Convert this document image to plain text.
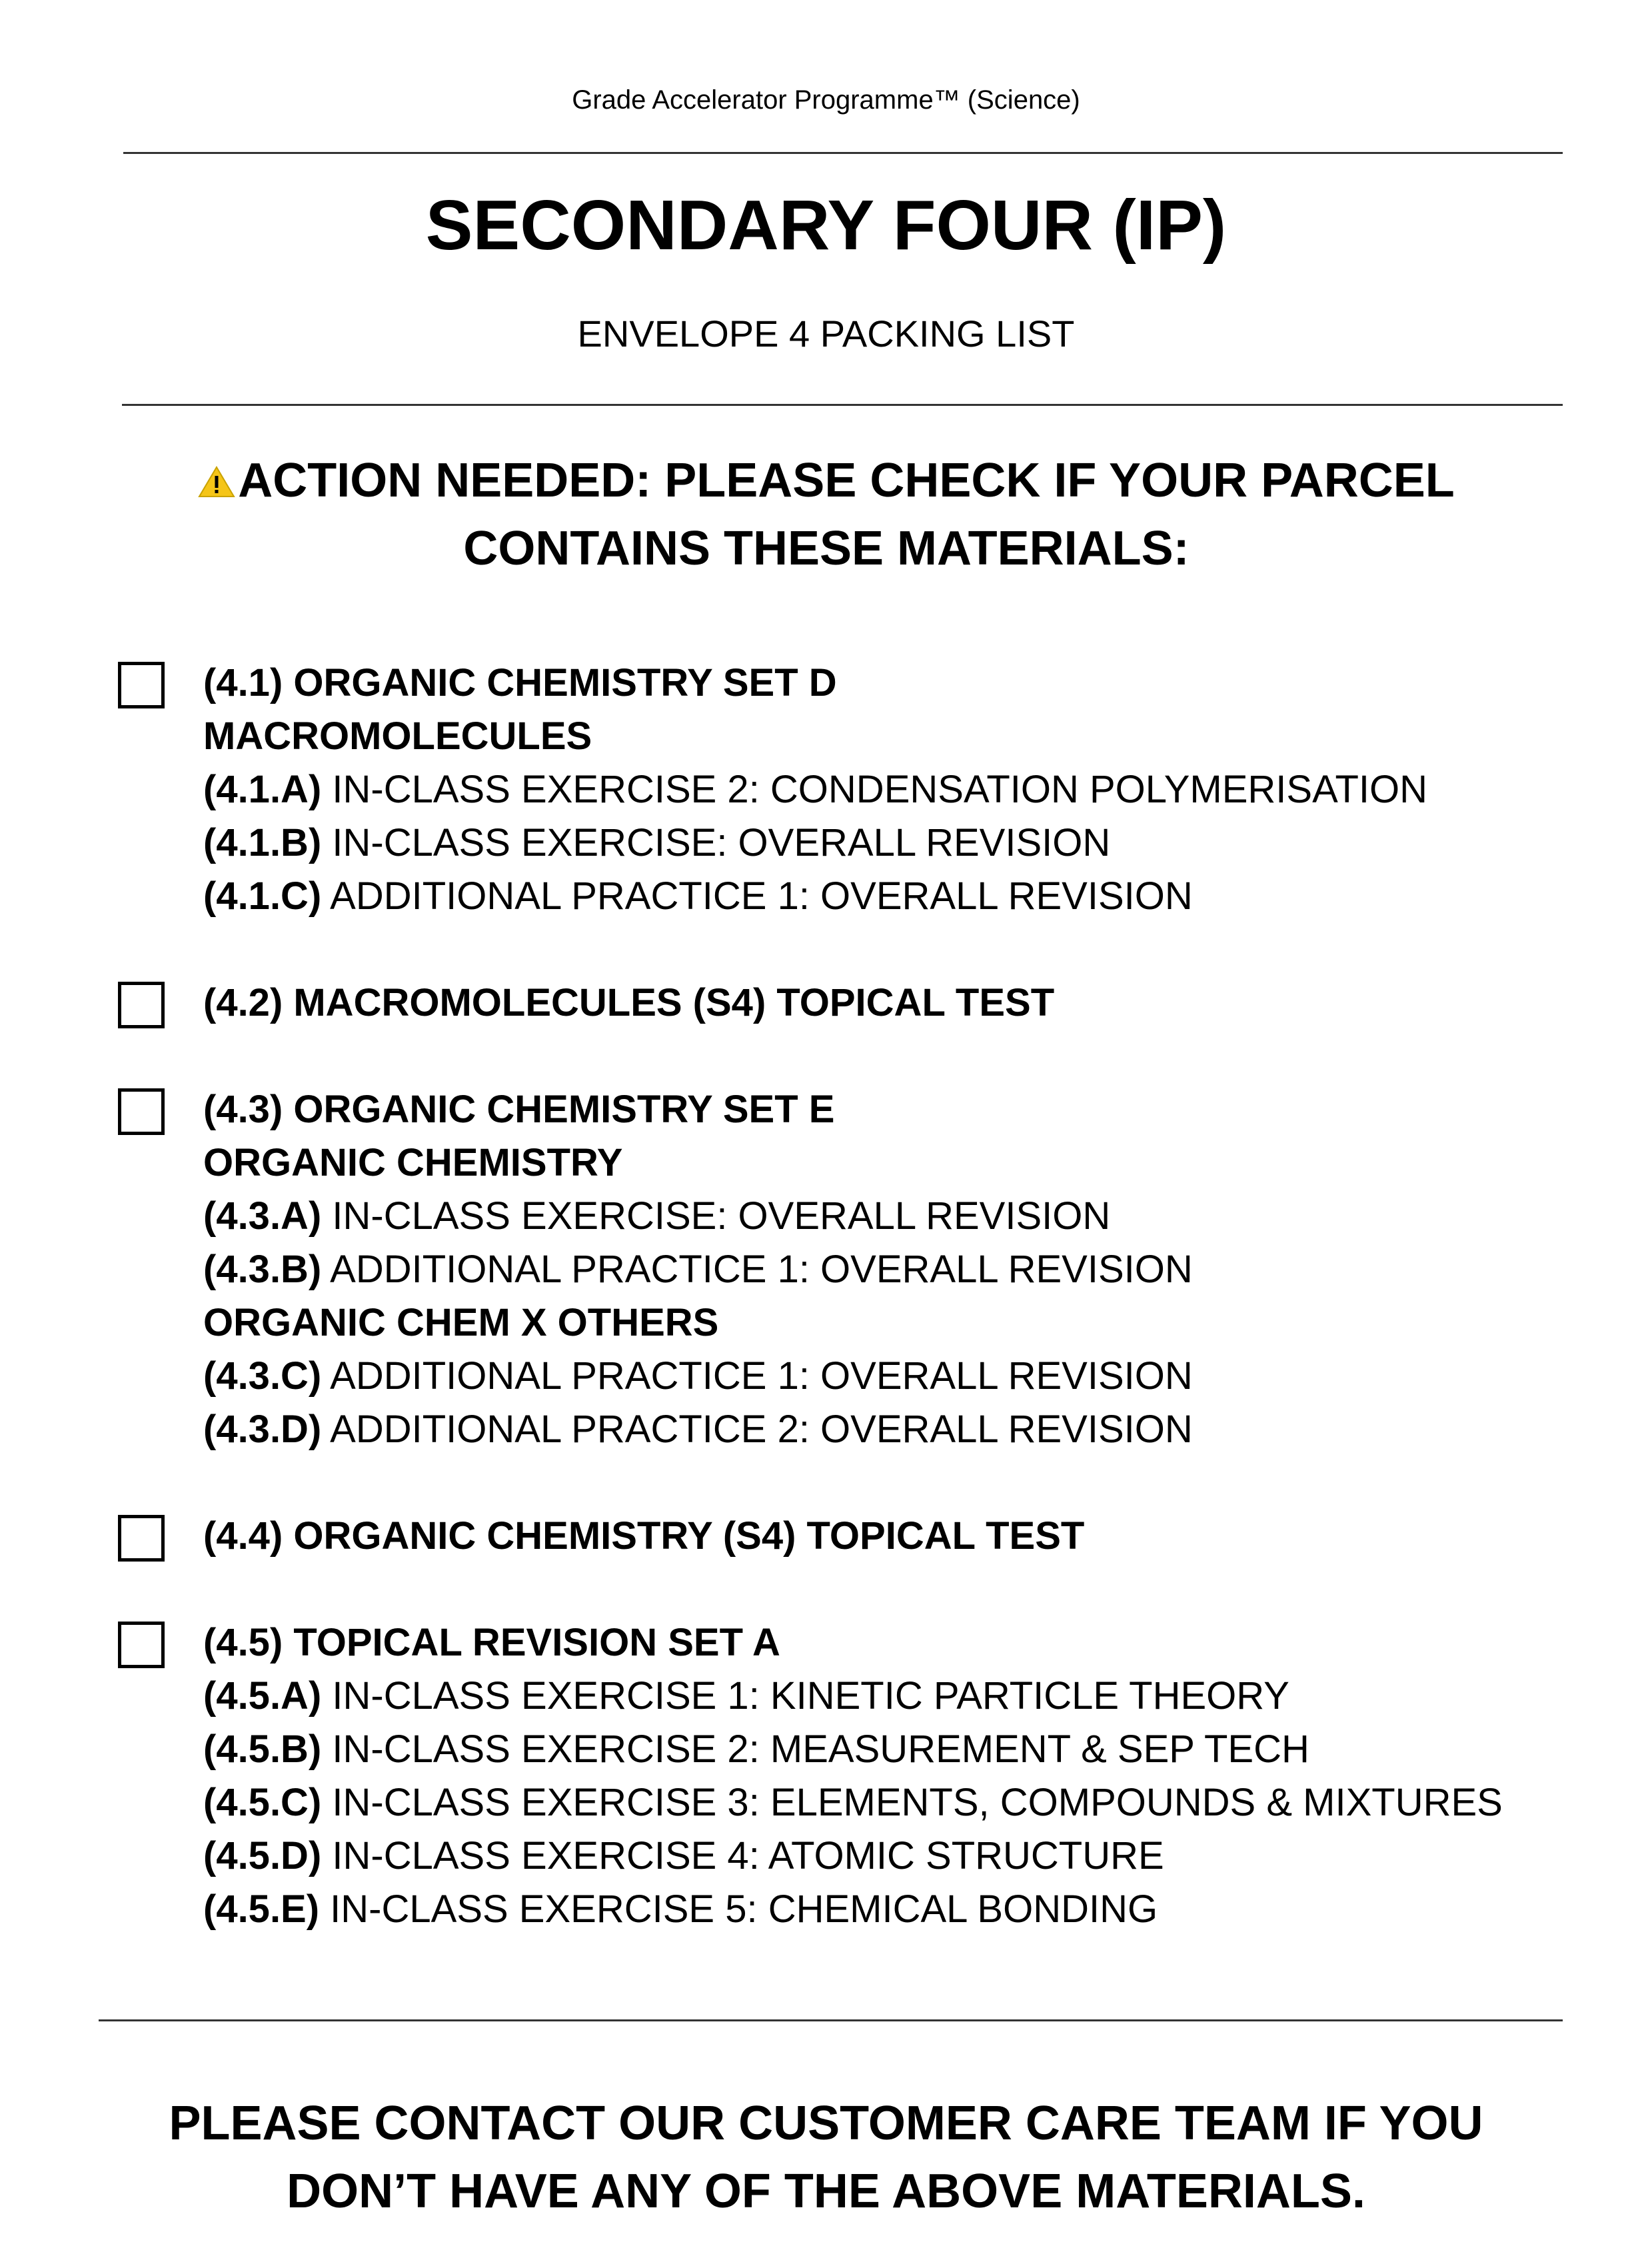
Grade Accelerator Programme™ (Science)
SECONDARY FOUR (IP)
ENVELOPE 4 PACKING LIST
ACTION NEEDED: PLEASE CHECK IF YOUR PARCEL
CONTAINS THESE MATERIALS:
(4.1) ORGANIC CHEMISTRY SET D
MACROMOLECULES
(4.1.A) IN-CLASS EXERCISE 2: CONDENSATION POLYMERISATION
(4.1.B) IN-CLASS EXERCISE: OVERALL REVISION
(4.1.C) ADDITIONAL PRACTICE 1: OVERALL REVISION
(4.2) MACROMOLECULES (S4) TOPICAL TEST
(4.3) ORGANIC CHEMISTRY SET E
ORGANIC CHEMISTRY
(4.3.A) IN-CLASS EXERCISE: OVERALL REVISION
(4.3.B) ADDITIONAL PRACTICE 1: OVERALL REVISION
ORGANIC CHEM X OTHERS
(4.3.C) ADDITIONAL PRACTICE 1: OVERALL REVISION
(4.3.D) ADDITIONAL PRACTICE 2: OVERALL REVISION
(4.4) ORGANIC CHEMISTRY (S4) TOPICAL TEST
(4.5) TOPICAL REVISION SET A
(4.5.A) IN-CLASS EXERCISE 1: KINETIC PARTICLE THEORY
(4.5.B) IN-CLASS EXERCISE 2: MEASUREMENT & SEP TECH
(4.5.C) IN-CLASS EXERCISE 3: ELEMENTS, COMPOUNDS & MIXTURES
(4.5.D) IN-CLASS EXERCISE 4: ATOMIC STRUCTURE
(4.5.E) IN-CLASS EXERCISE 5: CHEMICAL BONDING
PLEASE CONTACT OUR CUSTOMER CARE TEAM IF YOU
DON’T HAVE ANY OF THE ABOVE MATERIALS.
